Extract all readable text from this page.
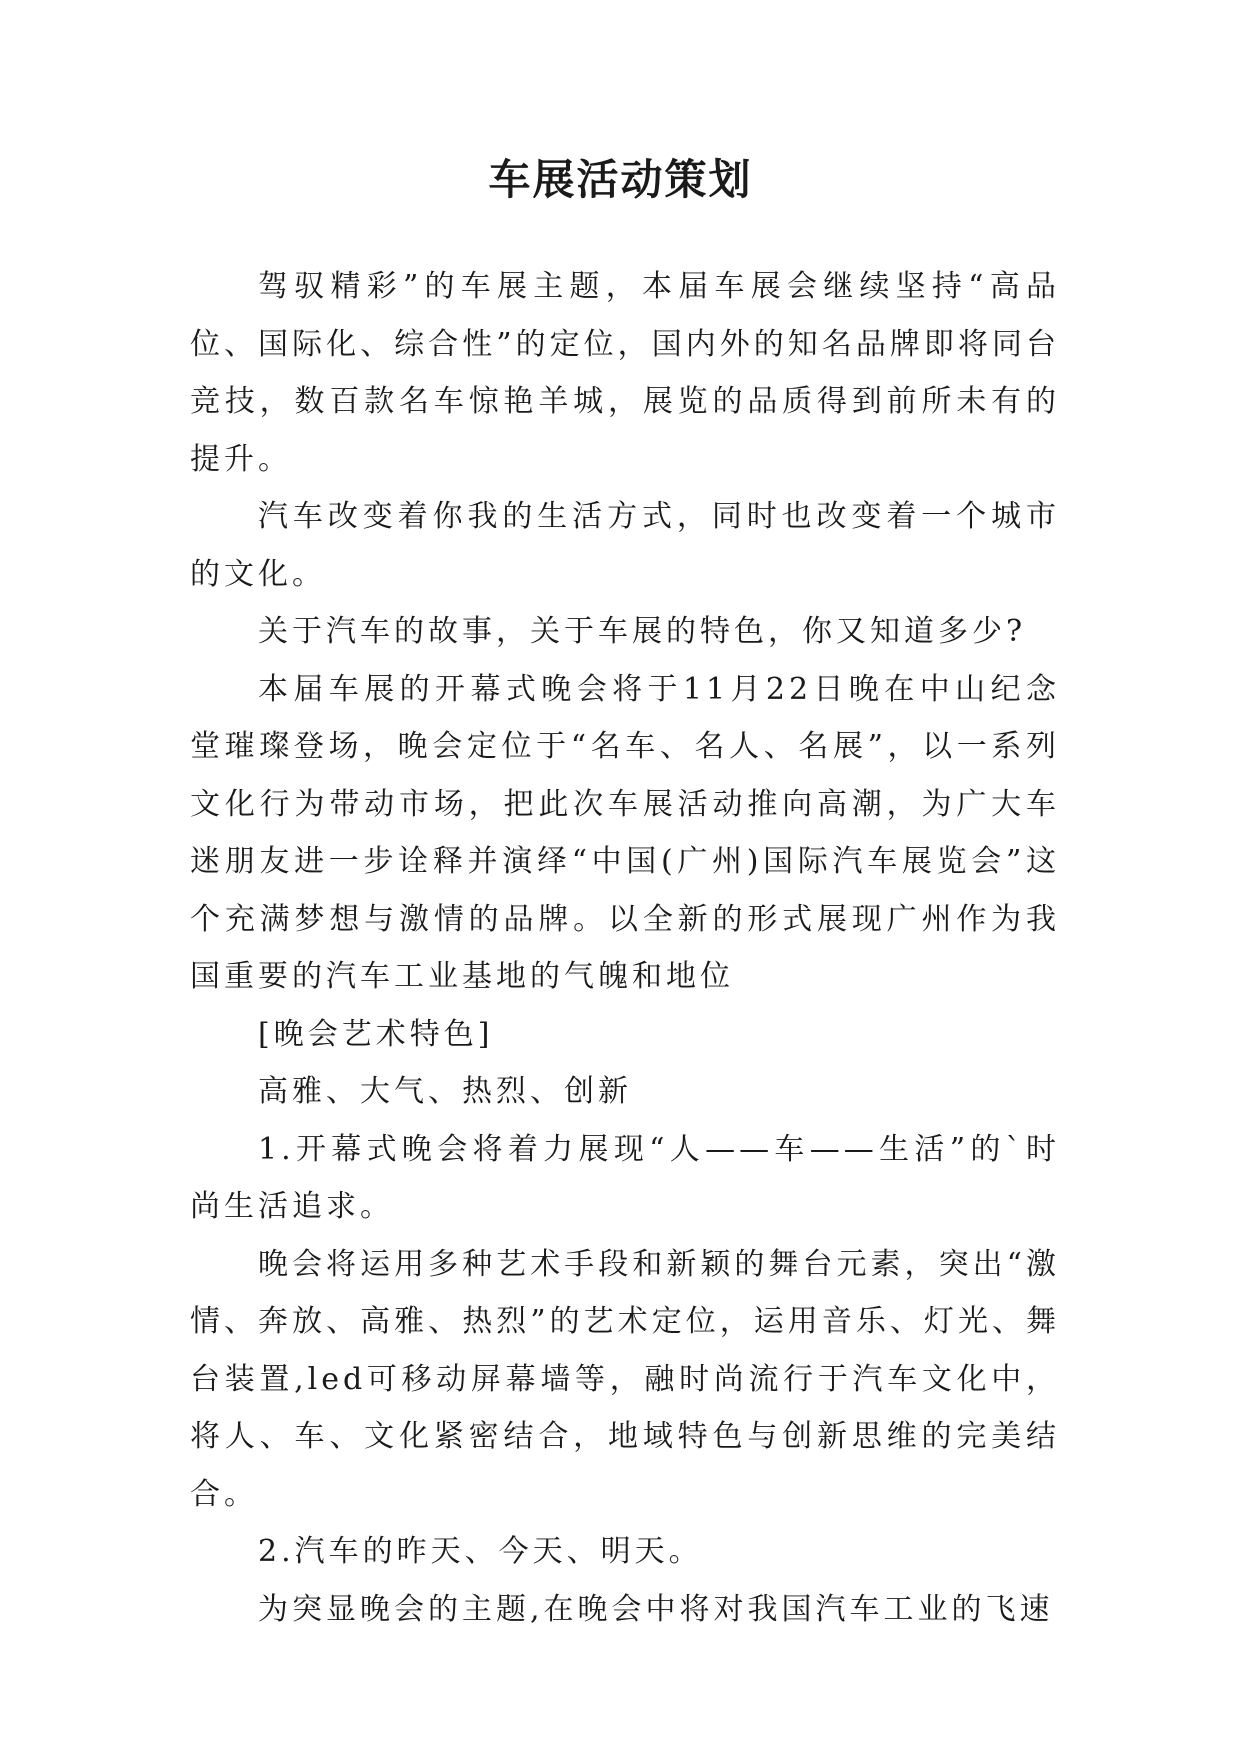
车展活动策划

驾驭精彩”的车展主题，本届车展会继续坚持“高品位、国际化、综合性”的定位，国内外的知名品牌即将同台竞技，数百款名车惊艳羊城，展览的品质得到前所未有的提升。

汽车改变着你我的生活方式，同时也改变着一个城市的文化。

关于汽车的故事，关于车展的特色，你又知道多少?

本届车展的开幕式晚会将于11月22日晚在中山纪念堂璀璨登场，晚会定位于“名车、名人、名展”，以一系列文化行为带动市场，把此次车展活动推向高潮，为广大车迷朋友进一步诠释并演绎“中国(广州)国际汽车展览会”这个充满梦想与激情的品牌。以全新的形式展现广州作为我国重要的汽车工业基地的气魄和地位

[晚会艺术特色]

高雅、大气、热烈、创新

1.开幕式晚会将着力展现“人——车——生活”的`时尚生活追求。

晚会将运用多种艺术手段和新颖的舞台元素，突出“激情、奔放、高雅、热烈”的艺术定位，运用音乐、灯光、舞台装置,led可移动屏幕墙等，融时尚流行于汽车文化中，将人、车、文化紧密结合，地域特色与创新思维的完美结合。

2.汽车的昨天、今天、明天。

为突显晚会的主题,在晚会中将对我国汽车工业的飞速
